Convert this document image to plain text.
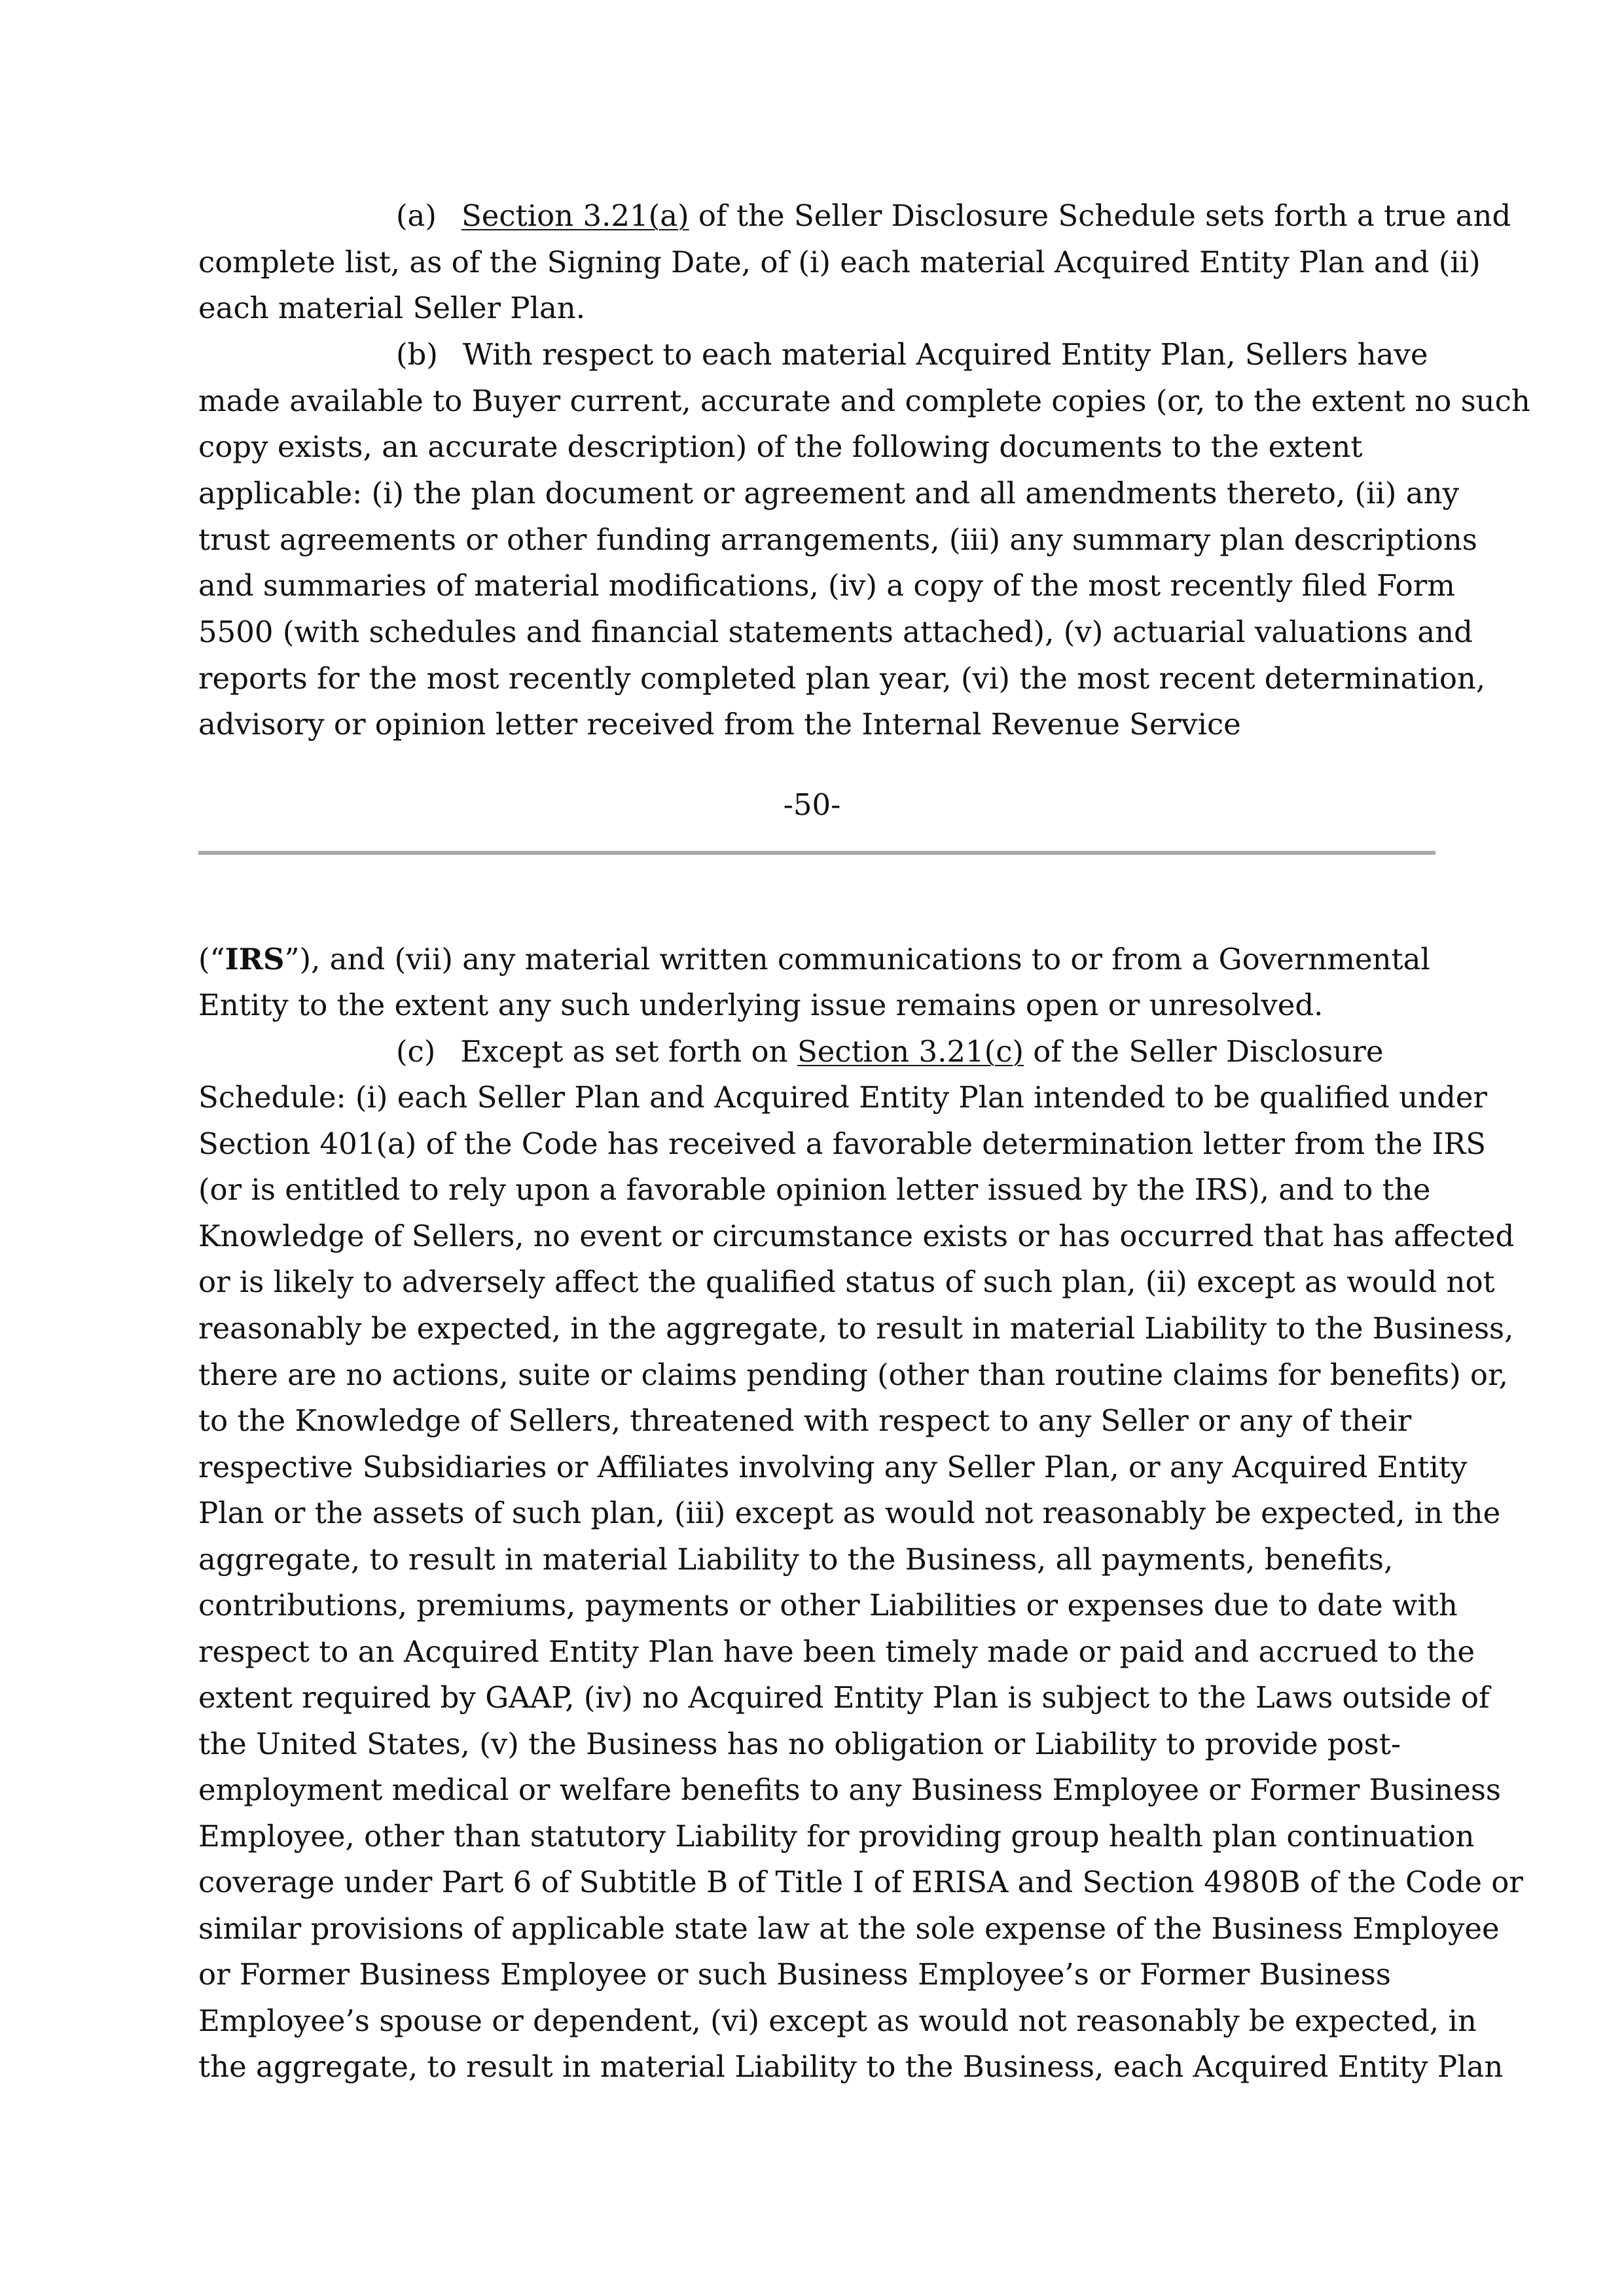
(a) Section 3.21(a) of the Seller Disclosure Schedule sets forth a true and
complete list, as of the Signing Date, of (i) each material Acquired Entity Plan and (ii)
each material Seller Plan.
(b) With respect to each material Acquired Entity Plan, Sellers have
made available to Buyer current, accurate and complete copies (or, to the extent no such
copy exists, an accurate description) of the following documents to the extent
applicable: (i) the plan document or agreement and all amendments thereto, (ii) any
trust agreements or other funding arrangements, (iii) any summary plan descriptions
and summaries of material modifications, (iv) a copy of the most recently filed Form
5500 (with schedules and financial statements attached), (v) actuarial valuations and
reports for the most recently completed plan year, (vi) the most recent determination,
advisory or opinion letter received from the Internal Revenue Service
-50-
(“IRS”), and (vii) any material written communications to or from a Governmental
Entity to the extent any such underlying issue remains open or unresolved.
(c) Except as set forth on Section 3.21(c) of the Seller Disclosure
Schedule: (i) each Seller Plan and Acquired Entity Plan intended to be qualified under
Section 401(a) of the Code has received a favorable determination letter from the IRS
(or is entitled to rely upon a favorable opinion letter issued by the IRS), and to the
Knowledge of Sellers, no event or circumstance exists or has occurred that has affected
or is likely to adversely affect the qualified status of such plan, (ii) except as would not
reasonably be expected, in the aggregate, to result in material Liability to the Business,
there are no actions, suite or claims pending (other than routine claims for benefits) or,
to the Knowledge of Sellers, threatened with respect to any Seller or any of their
respective Subsidiaries or Affiliates involving any Seller Plan, or any Acquired Entity
Plan or the assets of such plan, (iii) except as would not reasonably be expected, in the
aggregate, to result in material Liability to the Business, all payments, benefits,
contributions, premiums, payments or other Liabilities or expenses due to date with
respect to an Acquired Entity Plan have been timely made or paid and accrued to the
extent required by GAAP, (iv) no Acquired Entity Plan is subject to the Laws outside of
the United States, (v) the Business has no obligation or Liability to provide post-
employment medical or welfare benefits to any Business Employee or Former Business
Employee, other than statutory Liability for providing group health plan continuation
coverage under Part 6 of Subtitle B of Title I of ERISA and Section 4980B of the Code or
similar provisions of applicable state law at the sole expense of the Business Employee
or Former Business Employee or such Business Employee’s or Former Business
Employee’s spouse or dependent, (vi) except as would not reasonably be expected, in
the aggregate, to result in material Liability to the Business, each Acquired Entity Plan
